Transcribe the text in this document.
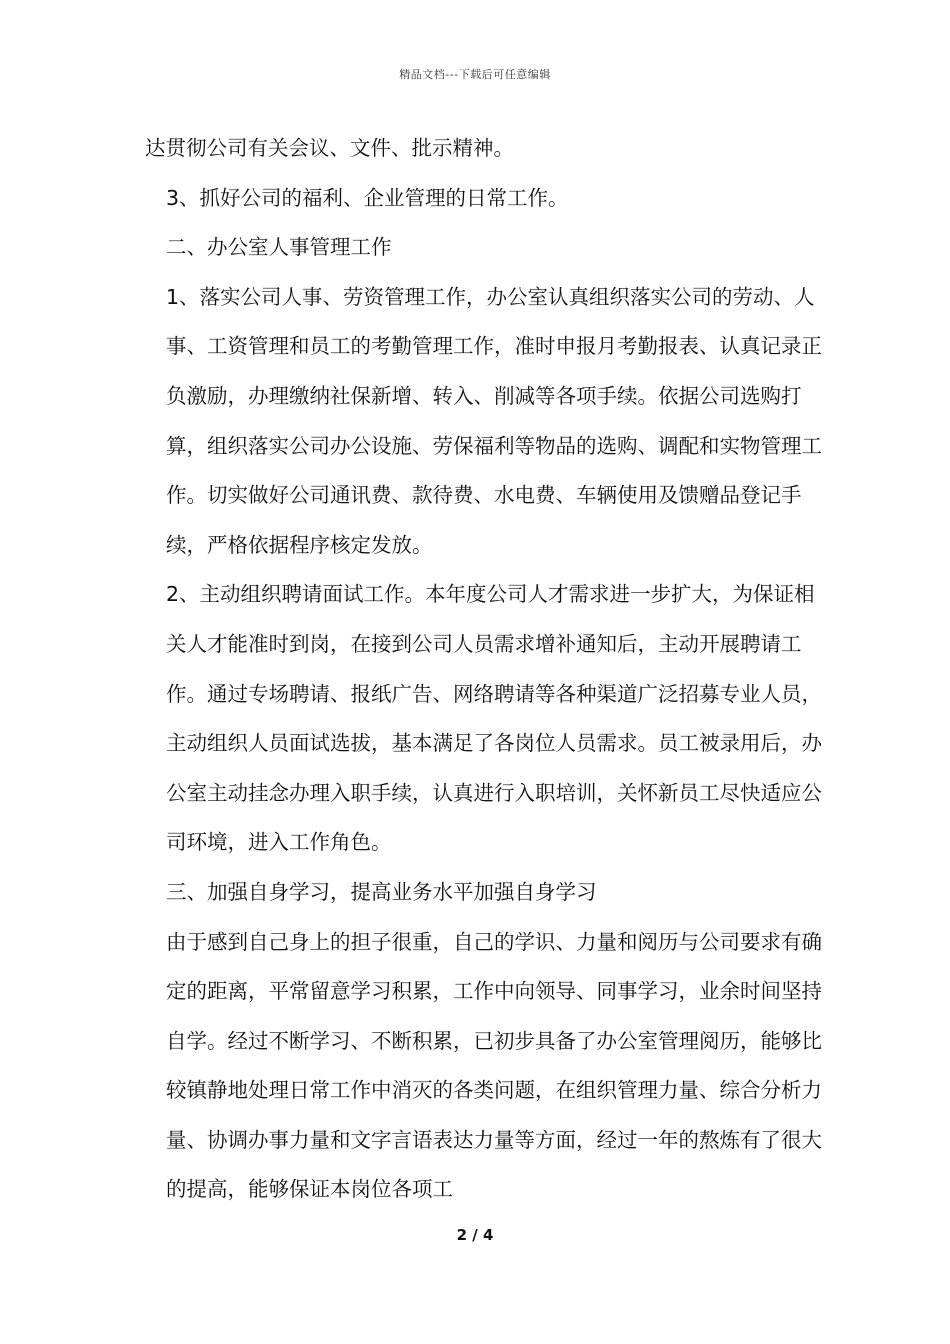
精品文档---下载后可任意编辑

达贯彻公司有关会议、文件、批示精神。

3、抓好公司的福利、企业管理的日常工作。

二、办公室人事管理工作

1、落实公司人事、劳资管理工作，办公室认真组织落实公司的劳动、人事、工资管理和员工的考勤管理工作，准时申报月考勤报表、认真记录正负激励，办理缴纳社保新增、转入、削减等各项手续。依据公司选购打算，组织落实公司办公设施、劳保福利等物品的选购、调配和实物管理工作。切实做好公司通讯费、款待费、水电费、车辆使用及馈赠品登记手续，严格依据程序核定发放。

2、主动组织聘请面试工作。本年度公司人才需求进一步扩大，为保证相关人才能准时到岗，在接到公司人员需求增补通知后，主动开展聘请工作。通过专场聘请、报纸广告、网络聘请等各种渠道广泛招募专业人员，主动组织人员面试选拔，基本满足了各岗位人员需求。员工被录用后，办公室主动挂念办理入职手续，认真进行入职培训，关怀新员工尽快适应公司环境，进入工作角色。

三、加强自身学习，提高业务水平加强自身学习

由于感到自己身上的担子很重，自己的学识、力量和阅历与公司要求有确定的距离，平常留意学习积累，工作中向领导、同事学习，业余时间坚持自学。经过不断学习、不断积累，已初步具备了办公室管理阅历，能够比较镇静地处理日常工作中消灭的各类问题，在组织管理力量、综合分析力量、协调办事力量和文字言语表达力量等方面，经过一年的熬炼有了很大的提高，能够保证本岗位各项工

2 / 4
